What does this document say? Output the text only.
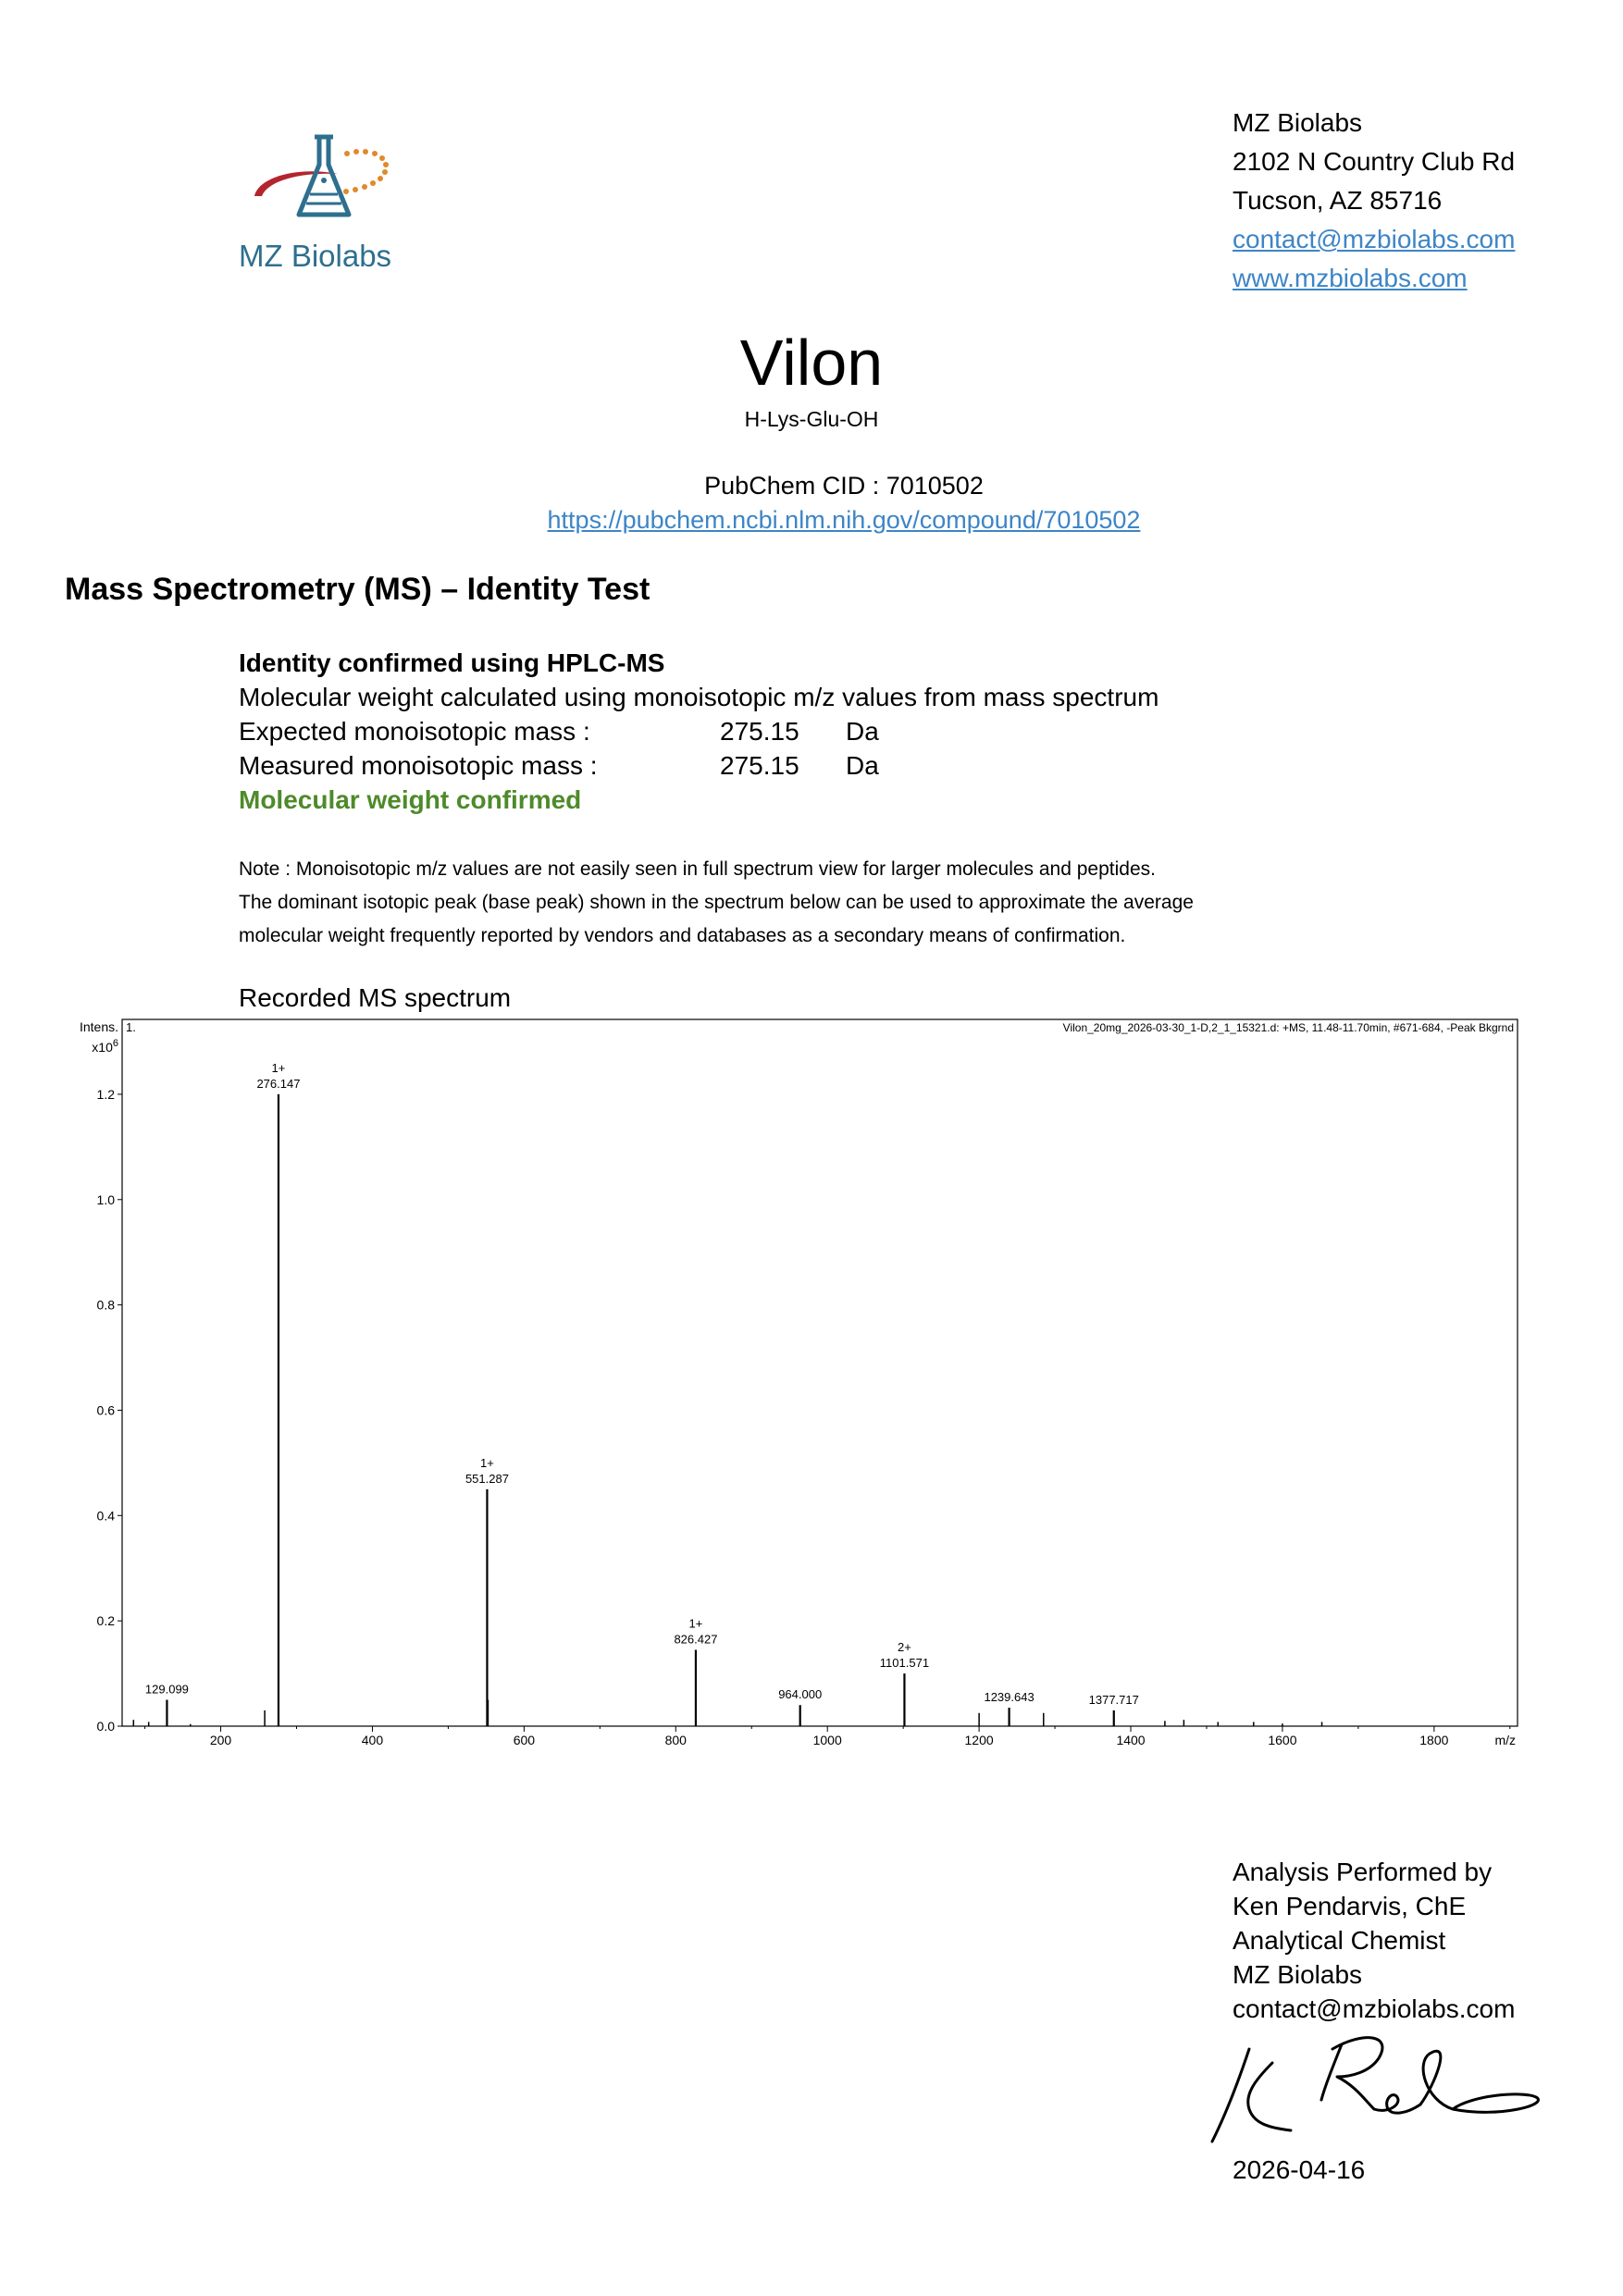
MZ Biolabs
MZ Biolabs
2102 N Country Club Rd
Tucson, AZ 85716
contact@mzbiolabs.com
www.mzbiolabs.com
Vilon
H-Lys-Glu-OH
PubChem CID : 7010502
https://pubchem.ncbi.nlm.nih.gov/compound/7010502
Mass Spectrometry (MS) – Identity Test
Identity confirmed using HPLC-MS
Molecular weight calculated using monoisotopic m/z values from mass spectrum
Expected monoisotopic mass :	275.15 Da
Measured monoisotopic mass :	275.15 Da
Molecular weight confirmed
Note : Monoisotopic m/z values are not easily seen in full spectrum view for larger molecules and peptides.
The dominant isotopic peak (base peak) shown in the spectrum below can be used to approximate the average
molecular weight frequently reported by vendors and databases as a secondary means of confirmation.
Recorded MS spectrum
1.	Vilon_20mg_2026-03-30_1-D,2_1_15321.d: +MS, 11.48-11.70min, #671-684, -Peak Bkgrnd
Intens.
$x10^6$
0.0
0.2
0.4
0.6
0.8
1.0
1.2
200	400	600	800	1000	1200	1400	1600	1800	m/z
129.099
276.147
1+
551.287
1+
826.427
1+
964.000
1101.571
2+
1239.643	1377.717
Analysis Performed by
Ken Pendarvis, ChE
Analytical Chemist
MZ Biolabs
contact@mzbiolabs.com
2026-04-16
